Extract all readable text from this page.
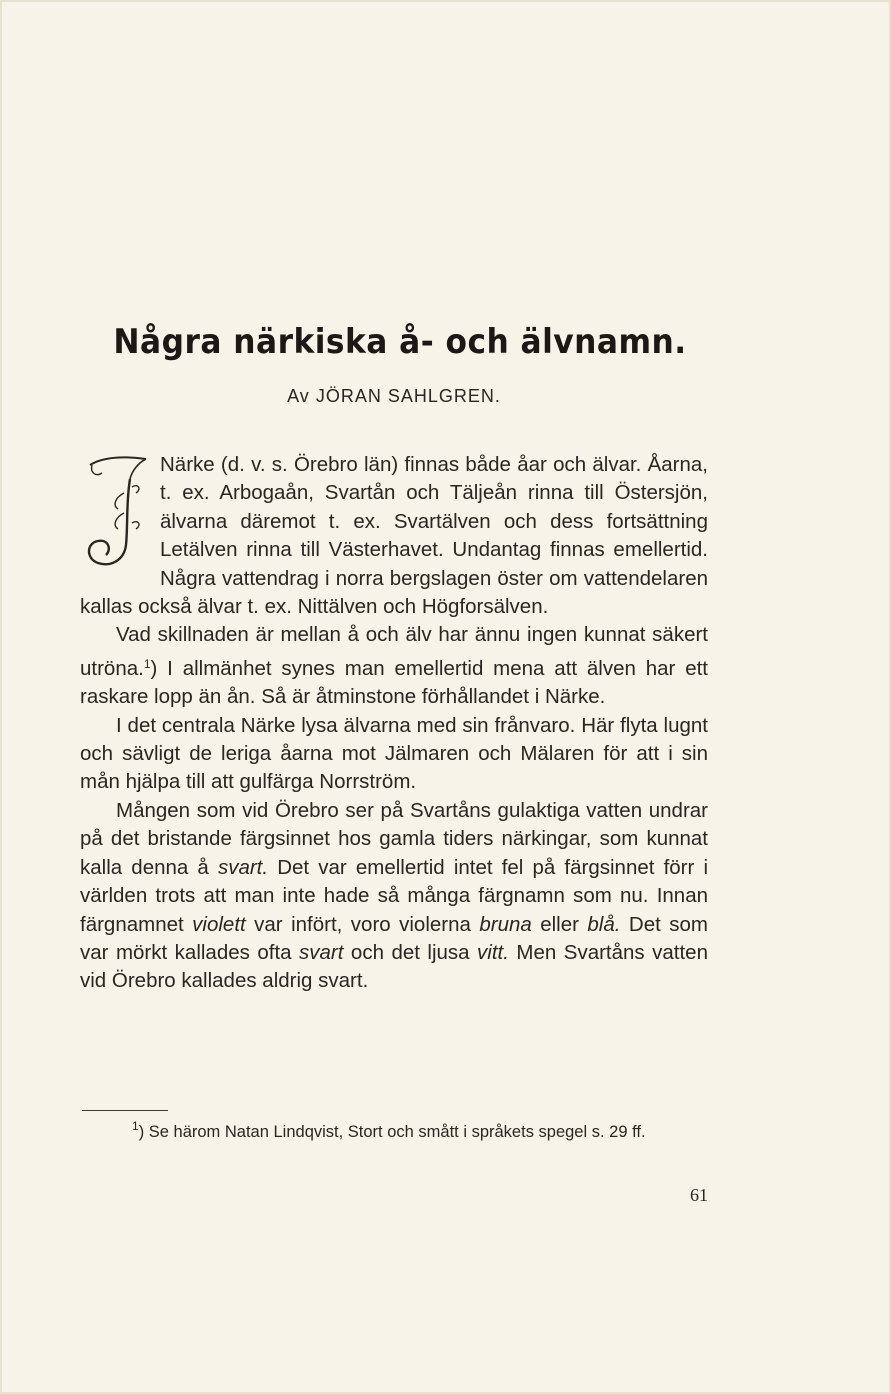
Några närkiska å- och älvnamn.
Av JÖRAN SAHLGREN.

Närke (d. v. s. Örebro län) finnas både åar och älvar. Åarna, t. ex. Arbogaån, Svartån och Täljeån rinna till Östersjön, älvarna däremot t. ex. Svartälven och dess fortsättning Letälven rinna till Västerhavet. Undantag finnas emellertid. Några vattendrag i norra bergslagen öster om vattendelaren kallas också älvar t. ex. Nittälven och Högforsälven.

Vad skillnaden är mellan å och älv har ännu ingen kunnat säkert utröna.$^1$) I allmänhet synes man emellertid mena att älven har ett raskare lopp än ån. Så är åtminstone förhållandet i Närke.

I det centrala Närke lysa älvarna med sin frånvaro. Här flyta lugnt och sävligt de leriga åarna mot Jälmaren och Mälaren för att i sin mån hjälpa till att gulfärga Norrström.

Mången som vid Örebro ser på Svartåns gulaktiga vatten undrar på det bristande färgsinnet hos gamla tiders närkingar, som kunnat kalla denna å svart. Det var emellertid intet fel på färgsinnet förr i världen trots att man inte hade så många färgnamn som nu. Innan färgnamnet violett var infört, voro violerna bruna eller blå. Det som var mörkt kallades ofta svart och det ljusa vitt. Men Svartåns vatten vid Örebro kallades aldrig svart.

$^1$) Se härom Natan Lindqvist, Stort och smått i språkets spegel s. 29 ff.

61
